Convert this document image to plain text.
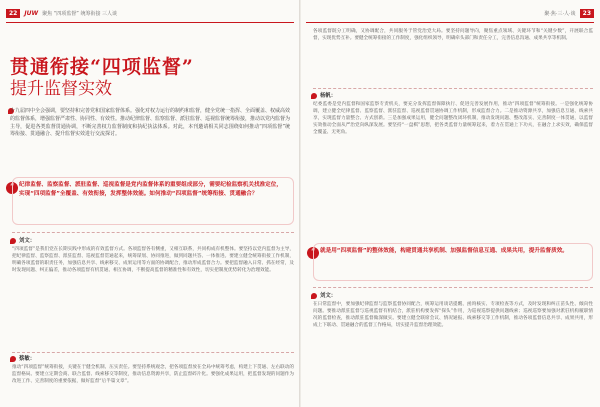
22	JUW 聚焦 “四项监督” 统筹衔接 三人谈	聚·焦·三·人·谈	23
贯通衔接“四项监督”
提升监督实效
十九届四中全会强调，要坚持和完善党和国家监督体系。强化对权力运行的制约和监督，健全党统一指挥、全面覆盖、权威高效的监督体系，增强监督严肃性、协同性、有效性。推动纪律监督、监察监督、派驻监督、巡视监督统筹衔接，推动以党内监督为主导，促进各类监督贯通协调，不断完善权力监督制度和执纪执法体系。对此，本刊邀请相关同志围绕如何推动“四项监督”统筹衔接、贯通融合、提升监督实效进行交流探讨。
“ 纪律监督、监察监督、派驻监督、巡视监督是党内监督体系的重要组成部分，需要纪检监察机关找准定位，实现“四项监督”全覆盖、有效衔接，发挥整体效能。如何推动“四项监督”统筹衔接、贯通融合？
刘文：
“四项监督”是我们党在长期实践中形成的有效监督方式。各项监督各有侧重，又相互联系，共同构成有机整体。要坚持以党内监督为主导，把纪律监督、监察监督、派驻监督、巡视监督贯通起来，统筹谋划、协同推进，做到同题共答、一体推进。要建立健全统筹衔接工作机制，明确各项监督的职责任务，加强信息共享、线索移交、成果运用等方面的协调配合，推动形成监督合力。要把监督融入日常、抓在经常，及时发现问题、纠正偏差，推动各项监督有机贯通、相互协调，不断提高监督的精准性和有效性，切实把制度优势转化为治理效能。
蔡敏：
推动“四项监督”统筹衔接，关键在于健全机制、压实责任。要坚持系统观念，把各项监督放在全局中统筹考虑，构建上下贯通、左右联动的监督格局。要建立定期会商、联合监督、线索移交等制度，推动信息资源共享，防止监督碎片化。要强化成果运用，把监督发现的问题作为改进工作、完善制度的重要依据，做好监督“后半篇文章”。
各项监督既分工明确，又协调配合，共同服务于管党治党大局。要坚持问题导向，聚焦重点领域、关键环节和“关键少数”，开展联合监督，实现优势互补。要健全统筹衔接的工作制度，强化组织领导，明确牵头部门和责任分工，完善信息沟通、成果共享等机制。
杨帆：
纪委监委是党内监督和国家监察专责机关，要充分发挥监督保障执行、促进完善发展作用，推动“四项监督”统筹衔接。一是强化统筹协调，建立健全纪律监督、监察监督、派驻监督、巡视监督贯通协调工作机制，形成监督合力。二是推动资源共享，加强信息互通、线索共享，实现监督力量整合、方式创新。三是加强成果运用，健全问题整改闭环机制，推动发现问题、整改落实、完善制度一体贯通，以监督实效推动全面从严治党向纵深发展。要坚持“一盘棋”思想，把各类监督力量统筹起来，着力在贯通上下功夫，在融合上求实效，确保监督全覆盖、无死角。
“ 就是用“四项监督”的整体效能，构建贯通共享机制、加强监督信息互通、成果共用，提升监督质效。
刘文：
在日常监督中，要加强纪律监督与监察监督协同配合，统筹运用谈话提醒、函询核实、专项检查等方式，及时发现和纠正苗头性、倾向性问题。要推动派驻监督与巡视监督有机结合，派驻机构要发挥“探头”作用，为巡视巡察提供问题线索；巡视巡察要加强对派驻机构履职情况的监督检查，推动派驻监督做深做实。要建立健全联席会议、情况通报、线索移交等工作机制，推动各项监督信息共享、成果共用，形成上下联动、贯通融合的监督工作格局，切实提升监督治理效能。
